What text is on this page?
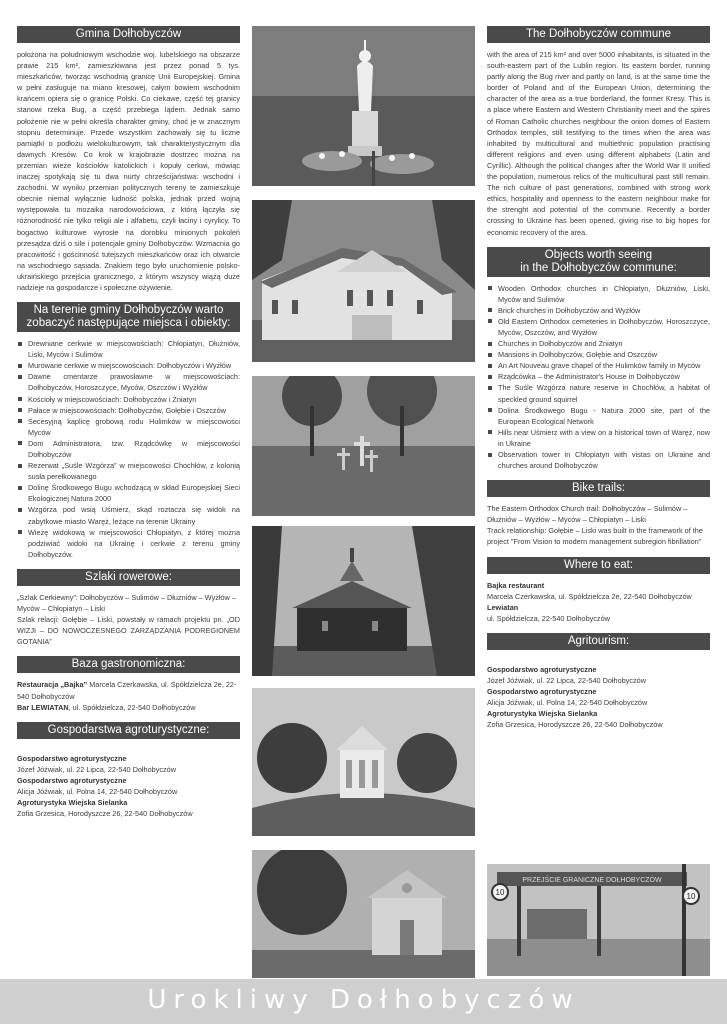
Gmina Dołhobyczów

położona na południowym wschodzie woj. lubelskiego na obszarze prawie 215 km², zamieszkiwana jest przez ponad 5 tys. mieszkańców, tworząc wschodnią granicę Unii Europejskiej. Gmina w pełni zasługuje na miano kresowej, całym bowiem wschodnim krańcem opiera się o granicę Polski. Co ciekawe, część tej granicy stanowi rzeka Bug, a część przebiega lądem. Jednak samo położenie nie w pełni określa charakter gminy, choć je w znacznym stopniu determinuje. Przede wszystkim zachowały się tu liczne pamiątki o podłożu wielokulturowym, tak charakterystycznym dla dawnych Kresów. Co krok w krajobrazie dostrzec można na przemian wieże kościołów katolickich i kopuły cerkwi, mówiąc inaczej spotykają się tu dwa nurty chrześcijaństwa: wschodni i zachodni. W wyniku przemian politycznych tereny te zamieszkuje obecnie niemal wyłącznie ludność polska, jednak przed wojną występowała tu mozaika narodowościowa, z którą łączyła się różnorodność nie tylko religii ale i alfabetu, czyli łaciny i cyrylicy. To bogactwo kulturowe wyrosłe na dorobku minionych pokoleń przesądza dziś o sile i potencjale gminy Dołhobyczów. Wzmacnia go pracowitość i gościnność tutejszych mieszkańców oraz ich otwarcie na wschodniego sąsiada. Znakiem tego było uruchomienie polsko-ukraińskiego przejścia granicznego, z którym wszyscy wiążą duże nadzieje na gospodarcze i społeczne ożywienie.

Na terenie gminy Dołhobyczów warto
zobaczyć następujące miejsca i obiekty:
Drewniane cerkwie w miejscowościach: Chłopiatyn, Dłużniów, Liski, Myców i Sulimów
Murowane cerkwie w miejscowościach: Dołhobyczów i Wyżłów
Dawne cmentarze prawosławne w miejscowościach: Dołhobyczów, Horoszczyce, Myców, Oszczów i Wyżłów
Kościoły w miejscowościach: Dołhobyczów i Żniatyn
Pałace w miejscowościach: Dołhobyczów, Gołębie i Oszczów
Secesyjną kaplicę grobową rodu Hulimków w miejscowości Myców
Dom Administratora, tzw. Rządcówkę w miejscowości Dołhobyczów
Rezerwat „Suśle Wzgórza” w miejscowości Chochłów, z kolonią susła perełkowanego
Dolinę Środkowego Bugu wchodzącą w skład Europejskiej Sieci Ekologicznej Natura 2000
Wzgórza pod wsią Uśmierz, skąd roztacza się widok na zabytkowe miasto Waręż, leżące na terenie Ukrainy
Wieżę widokową w miejscowości Chłopiatyn, z której można podziwiać widoki na Ukrainę i cerkwie z terenu gminy Dołhobyczów.
Szlaki rowerowe:

„Szlak Cerkiewny”: Dołhobyczów – Sulimów – Dłużniów – Wyżłów – Myców – Chłopiatyn – Liski

Szlak relacji: Gołębie – Liski, powstały w ramach projektu pn. „OD WIZJI – DO NOWOCZESNEGO ZARZĄDZANIA PODREGIONEM GOTANIA”

Baza gastronomiczna:
Restauracja „Bajka” Marcela Czerkawska, ul. Spółdzielcza 2e, 22-540 Dołhobyczów
Bar LEWIATAN, ul. Spółdzielcza, 22-540 Dołhobyczów
Gospodarstwa agroturystyczne:
Gospodarstwo agroturystyczne
Józef Jóźwiak, ul. 22 Lipca, 22-540 Dołhobyczów
Gospodarstwo agroturystyczne
Alicja Jóźwiak, ul. Polna 14, 22-540 Dołhobyczów
Agroturystyka Wiejska Sielanka
Zofia Grzesica, Horodyszcze 26, 22-540 Dołhobyczów
The Dołhobyczów commune

with the area of 215 km² and over 5000 inhabitants, is situated in the south-eastern part of the Lublin region. Its eastern border, running partly along the Bug river and partly on land, is at the same time the border of Poland and of the European Union, determining the character of the area as a true borderland, the former Kresy. This is a place where Eastern and Western Christianity meet and the spires of Roman Catholic churches neighbour the onion domes of Eastern Orthodox temples, still testifying to the times when the area was inhabited by multicultural and multiethnic population practising different religions and even using different alphabets (Latin and Cyrillic). Although the political changes after the World War II unified the population, numerous relics of the multicultural past still remain. The rich culture of past generations, combined with strong work ethics, hospitality and openness to the eastern neighbour make for the strenght and potential of the commune. Recently a border crossing to Ukraine has been opened, giving rise to big hopes for economic recovery of the area.

Objects worth seeing
in the Dołhobyczów commune:
Wooden Orthodox churches in Chłopiatyn, Dłużniów, Liski, Myców and Sulimów
Brick churches in Dołhobyczów and Wyżłów
Old Eastern Orthodox cemeteries in Dołhobyczów, Horoszczyce, Myców, Oszczów, and Wyżłów
Churches in Dołhobyczów and Żniatyn
Mansions in Dołhobyczów, Gołębie and Oszczów
An Art Nouveau grave chapel of the Hulimków family in Myców
Rządcówka – the Administrator's House in Dołhobyczów
The Suśle Wzgórza nature reserve in Chochłów, a habitat of speckled ground squirrel
Dolina Środkowego Bugu - Natura 2000 site, part of the European Ecological Network
Hills near Uśmierz with a view on a historical town of Waręż, now in Ukraine
Observation tower in Chłopiatyn with vistas on Ukraine and churches around Dołhobyczów
Bike trails:

The Eastern Orthodox Church trail: Dołhobyczów – Sulimów – Dłużniów – Wyżłów – Myców – Chłopiatyn – Liski

Track relationship: Gołębie – Liski was built in the framework of the project "From Vision to modern management subregion fibrillation"

Where to eat:
Bajka restaurant
Marcela Czerkawska, ul. Spółdzielcza 2e, 22-540 Dołhobyczów
Lewiatan
ul. Spółdzielcza, 22-540 Dołhobyczów
Agritourism:
Gospodarstwo agroturystyczne
Józef Jóźwiak, ul. 22 Lipca, 22-540 Dołhobyczów
Gospodarstwo agroturystyczne
Alicja Jóźwiak, ul. Polna 14, 22-540 Dołhobyczów
Agroturystyka Wiejska Sielanka
Zofia Grzesica, Horodyszcze 26, 22-540 Dołhobyczów
PRZEJŚCIE GRANICZNE DOŁHOBYCZÓW
10	10
Urokliwy Dołhobyczów
